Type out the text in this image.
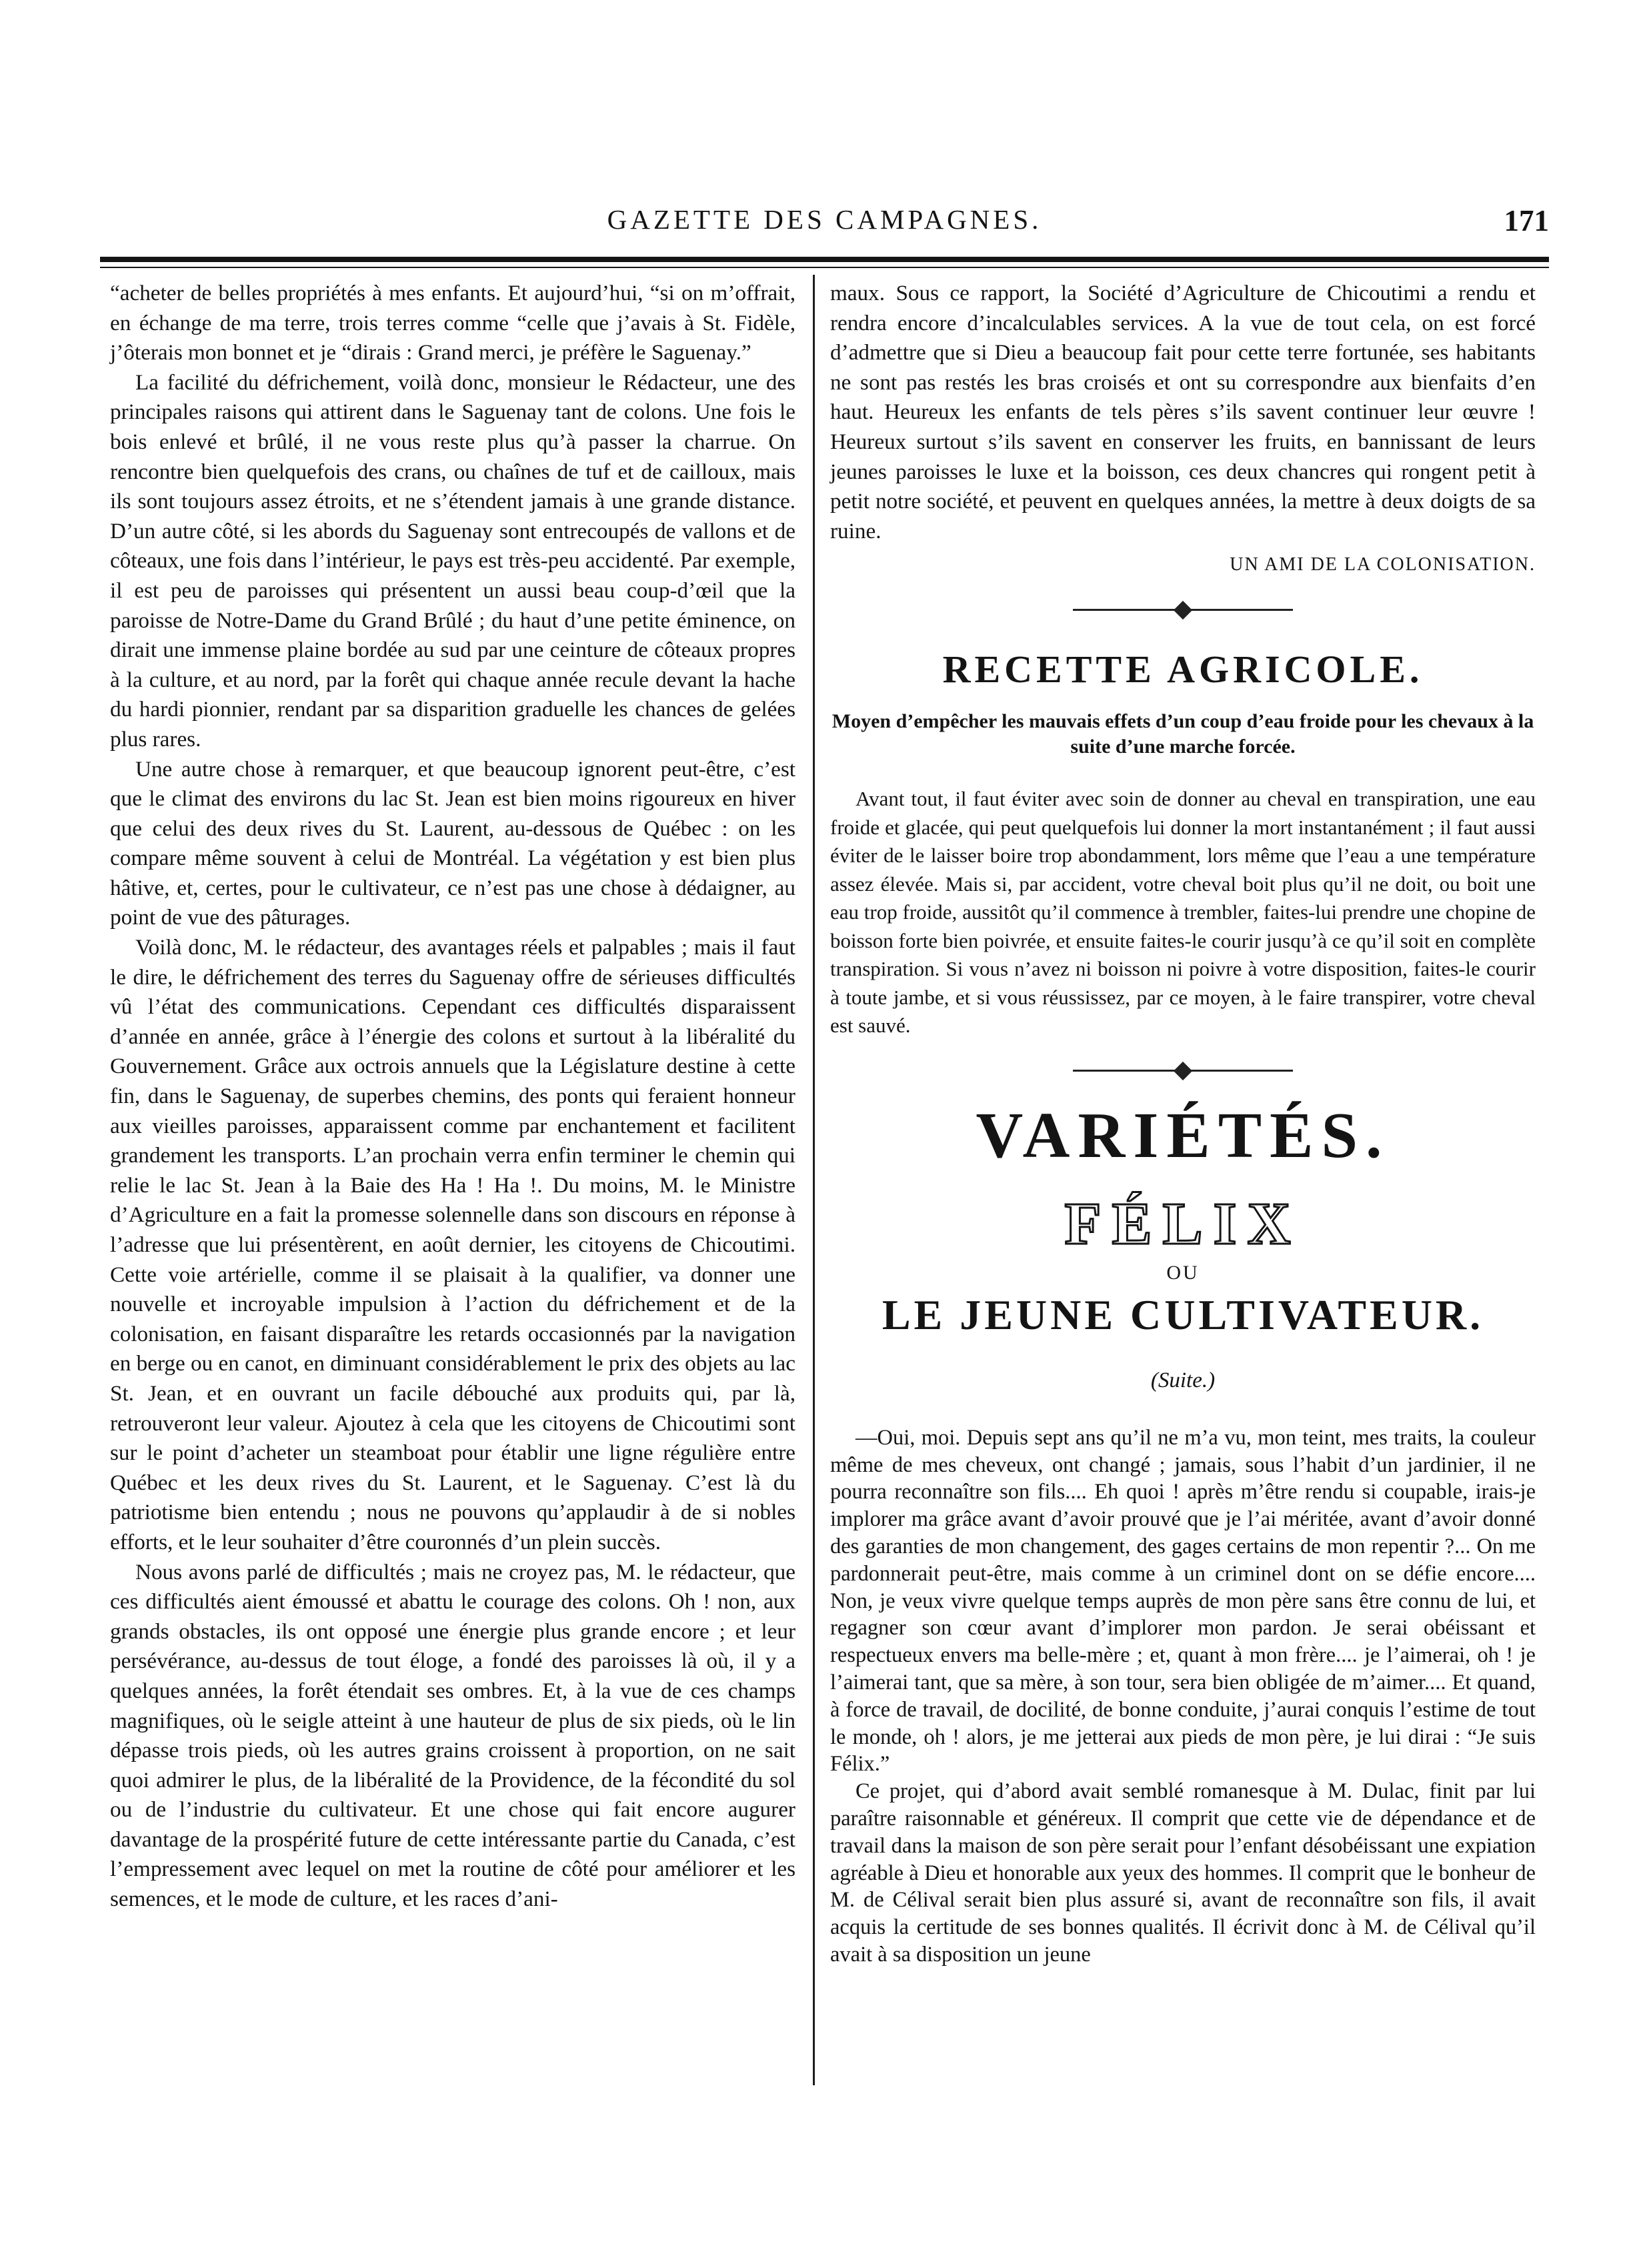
GAZETTE DES CAMPAGNES.	171

“acheter de belles propriétés à mes enfants. Et aujourd’hui, “si on m’offrait, en échange de ma terre, trois terres comme “celle que j’avais à St. Fidèle, j’ôterais mon bonnet et je “dirais : Grand merci, je préfère le Saguenay.”

La facilité du défrichement, voilà donc, monsieur le Rédacteur, une des principales raisons qui attirent dans le Saguenay tant de colons. Une fois le bois enlevé et brûlé, il ne vous reste plus qu’à passer la charrue. On rencontre bien quelquefois des crans, ou chaînes de tuf et de cailloux, mais ils sont toujours assez étroits, et ne s’étendent jamais à une grande distance. D’un autre côté, si les abords du Saguenay sont entrecoupés de vallons et de côteaux, une fois dans l’intérieur, le pays est très-peu accidenté. Par exemple, il est peu de paroisses qui présentent un aussi beau coup-d’œil que la paroisse de Notre-Dame du Grand Brûlé ; du haut d’une petite éminence, on dirait une immense plaine bordée au sud par une ceinture de côteaux propres à la culture, et au nord, par la forêt qui chaque année recule devant la hache du hardi pionnier, rendant par sa disparition graduelle les chances de gelées plus rares.

Une autre chose à remarquer, et que beaucoup ignorent peut-être, c’est que le climat des environs du lac St. Jean est bien moins rigoureux en hiver que celui des deux rives du St. Laurent, au-dessous de Québec : on les compare même souvent à celui de Montréal. La végétation y est bien plus hâtive, et, certes, pour le cultivateur, ce n’est pas une chose à dédaigner, au point de vue des pâturages.

Voilà donc, M. le rédacteur, des avantages réels et palpables ; mais il faut le dire, le défrichement des terres du Saguenay offre de sérieuses difficultés vû l’état des communications. Cependant ces difficultés disparaissent d’année en année, grâce à l’énergie des colons et surtout à la libéralité du Gouvernement. Grâce aux octrois annuels que la Législature destine à cette fin, dans le Saguenay, de superbes chemins, des ponts qui feraient honneur aux vieilles paroisses, apparaissent comme par enchantement et facilitent grandement les transports. L’an prochain verra enfin terminer le chemin qui relie le lac St. Jean à la Baie des Ha ! Ha !. Du moins, M. le Ministre d’Agriculture en a fait la promesse solennelle dans son discours en réponse à l’adresse que lui présentèrent, en août dernier, les citoyens de Chicoutimi. Cette voie artérielle, comme il se plaisait à la qualifier, va donner une nouvelle et incroyable impulsion à l’action du défrichement et de la colonisation, en faisant disparaître les retards occasionnés par la navigation en berge ou en canot, en diminuant considérablement le prix des objets au lac St. Jean, et en ouvrant un facile débouché aux produits qui, par là, retrouveront leur valeur. Ajoutez à cela que les citoyens de Chicoutimi sont sur le point d’acheter un steamboat pour établir une ligne régulière entre Québec et les deux rives du St. Laurent, et le Saguenay. C’est là du patriotisme bien entendu ; nous ne pouvons qu’applaudir à de si nobles efforts, et le leur souhaiter d’être couronnés d’un plein succès.

Nous avons parlé de difficultés ; mais ne croyez pas, M. le rédacteur, que ces difficultés aient émoussé et abattu le courage des colons. Oh ! non, aux grands obstacles, ils ont opposé une énergie plus grande encore ; et leur persévérance, au-dessus de tout éloge, a fondé des paroisses là où, il y a quelques années, la forêt étendait ses ombres. Et, à la vue de ces champs magnifiques, où le seigle atteint à une hauteur de plus de six pieds, où le lin dépasse trois pieds, où les autres grains croissent à proportion, on ne sait quoi admirer le plus, de la libéralité de la Providence, de la fécondité du sol ou de l’industrie du cultivateur. Et une chose qui fait encore augurer davantage de la prospérité future de cette intéressante partie du Canada, c’est l’empressement avec lequel on met la routine de côté pour améliorer et les semences, et le mode de culture, et les races d’ani-

maux. Sous ce rapport, la Société d’Agriculture de Chicoutimi a rendu et rendra encore d’incalculables services. A la vue de tout cela, on est forcé d’admettre que si Dieu a beaucoup fait pour cette terre fortunée, ses habitants ne sont pas restés les bras croisés et ont su correspondre aux bienfaits d’en haut. Heureux les enfants de tels pères s’ils savent continuer leur œuvre ! Heureux surtout s’ils savent en conserver les fruits, en bannissant de leurs jeunes paroisses le luxe et la boisson, ces deux chancres qui rongent petit à petit notre société, et peuvent en quelques années, la mettre à deux doigts de sa ruine.

UN AMI DE LA COLONISATION.
RECETTE AGRICOLE.
Moyen d’empêcher les mauvais effets d’un coup d’eau froide pour les chevaux à la suite d’une marche forcée.

Avant tout, il faut éviter avec soin de donner au cheval en transpiration, une eau froide et glacée, qui peut quelquefois lui donner la mort instantanément ; il faut aussi éviter de le laisser boire trop abondamment, lors même que l’eau a une température assez élevée. Mais si, par accident, votre cheval boit plus qu’il ne doit, ou boit une eau trop froide, aussitôt qu’il commence à trembler, faites-lui prendre une chopine de boisson forte bien poivrée, et ensuite faites-le courir jusqu’à ce qu’il soit en complète transpiration. Si vous n’avez ni boisson ni poivre à votre disposition, faites-le courir à toute jambe, et si vous réussissez, par ce moyen, à le faire transpirer, votre cheval est sauvé.

VARIÉTÉS.
FÉLIX
OU
LE JEUNE CULTIVATEUR.
(Suite.)

—Oui, moi. Depuis sept ans qu’il ne m’a vu, mon teint, mes traits, la couleur même de mes cheveux, ont changé ; jamais, sous l’habit d’un jardinier, il ne pourra reconnaître son fils.... Eh quoi ! après m’être rendu si coupable, irais-je implorer ma grâce avant d’avoir prouvé que je l’ai méritée, avant d’avoir donné des garanties de mon changement, des gages certains de mon repentir ?... On me pardonnerait peut-être, mais comme à un criminel dont on se défie encore.... Non, je veux vivre quelque temps auprès de mon père sans être connu de lui, et regagner son cœur avant d’implorer mon pardon. Je serai obéissant et respectueux envers ma belle-mère ; et, quant à mon frère.... je l’aimerai, oh ! je l’aimerai tant, que sa mère, à son tour, sera bien obligée de m’aimer.... Et quand, à force de travail, de docilité, de bonne conduite, j’aurai conquis l’estime de tout le monde, oh ! alors, je me jetterai aux pieds de mon père, je lui dirai : “Je suis Félix.”

Ce projet, qui d’abord avait semblé romanesque à M. Dulac, finit par lui paraître raisonnable et généreux. Il comprit que cette vie de dépendance et de travail dans la maison de son père serait pour l’enfant désobéissant une expiation agréable à Dieu et honorable aux yeux des hommes. Il comprit que le bonheur de M. de Célival serait bien plus assuré si, avant de reconnaître son fils, il avait acquis la certitude de ses bonnes qualités. Il écrivit donc à M. de Célival qu’il avait à sa disposition un jeune
